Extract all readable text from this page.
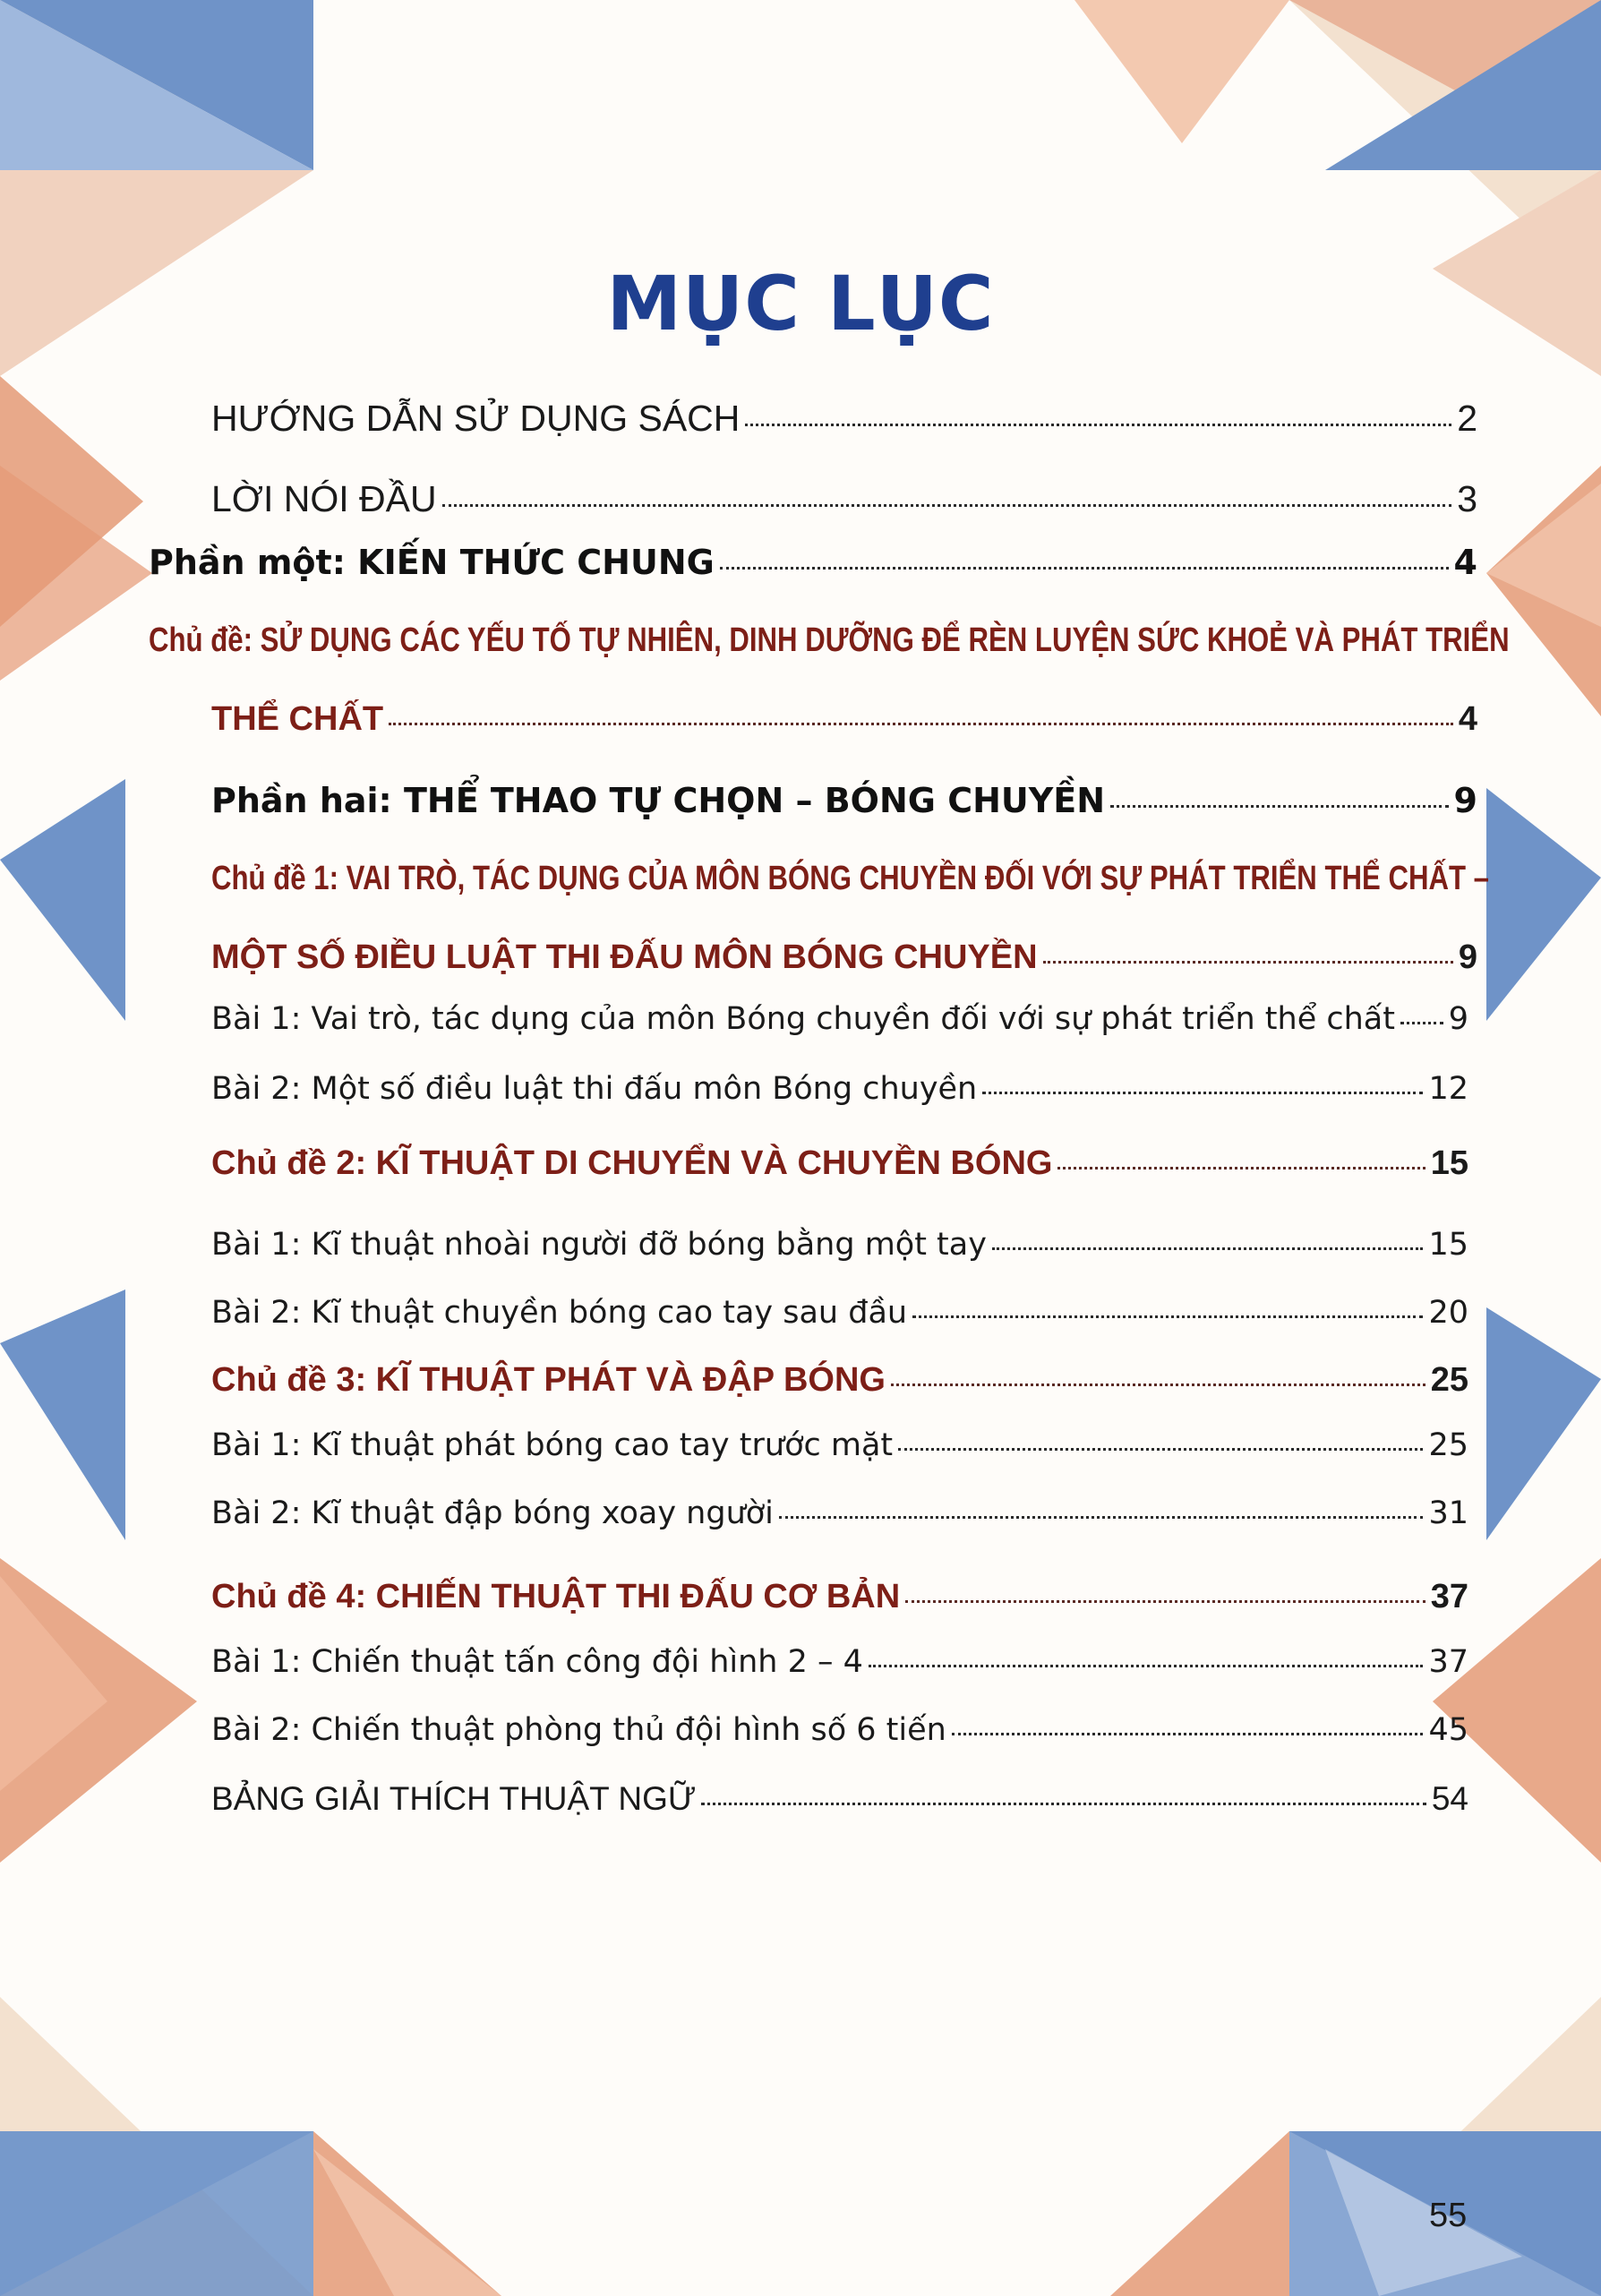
MỤC LỤC
HƯỚNG DẪN SỬ DỤNG SÁCH	2
LỜI NÓI ĐẦU	3
Phần một: KIẾN THỨC CHUNG	4
Chủ đề: SỬ DỤNG CÁC YẾU TỐ TỰ NHIÊN, DINH DƯỠNG ĐỂ RÈN LUYỆN SỨC KHOẺ VÀ PHÁT TRIỂN
THỂ CHẤT	4
Phần hai: THỂ THAO TỰ CHỌN – BÓNG CHUYỀN	9
Chủ đề 1: VAI TRÒ, TÁC DỤNG CỦA MÔN BÓNG CHUYỀN ĐỐI VỚI SỰ PHÁT TRIỂN THỂ CHẤT –
MỘT SỐ ĐIỀU LUẬT THI ĐẤU MÔN BÓNG CHUYỀN	9
Bài 1: Vai trò, tác dụng của môn Bóng chuyền đối với sự phát triển thể chất 9
Bài 2: Một số điều luật thi đấu môn Bóng chuyền	12
Chủ đề 2: KĨ THUẬT DI CHUYỂN VÀ CHUYỀN BÓNG	15
Bài 1: Kĩ thuật nhoài người đỡ bóng bằng một tay	15
Bài 2: Kĩ thuật chuyền bóng cao tay sau đầu	20
Chủ đề 3: KĨ THUẬT PHÁT VÀ ĐẬP BÓNG	25
Bài 1: Kĩ thuật phát bóng cao tay trước mặt	25
Bài 2: Kĩ thuật đập bóng xoay người	31
Chủ đề 4: CHIẾN THUẬT THI ĐẤU CƠ BẢN	37
Bài 1: Chiến thuật tấn công đội hình 2 – 4	37
Bài 2: Chiến thuật phòng thủ đội hình số 6 tiến	45
BẢNG GIẢI THÍCH THUẬT NGỮ	54
55
